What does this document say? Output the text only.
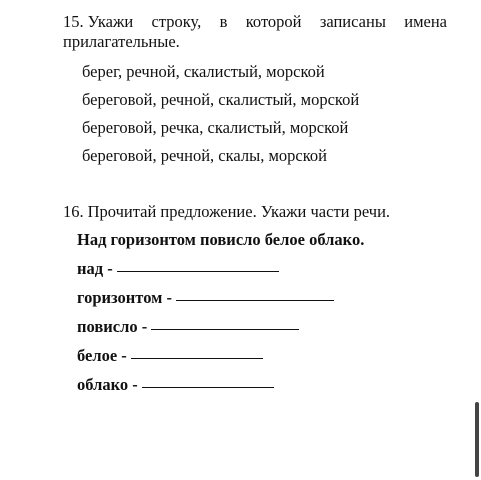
15. Укажи строку, в которой записаны имена прилагательные.

берег, речной, скалистый, морской
береговой, речной, скалистый, морской
береговой, речка, скалистый, морской
береговой, речной, скалы, морской

16. Прочитай предложение. Укажи части речи.

Над горизонтом повисло белое облако.
над -
горизонтом -
повисло -
белое -
облако -
